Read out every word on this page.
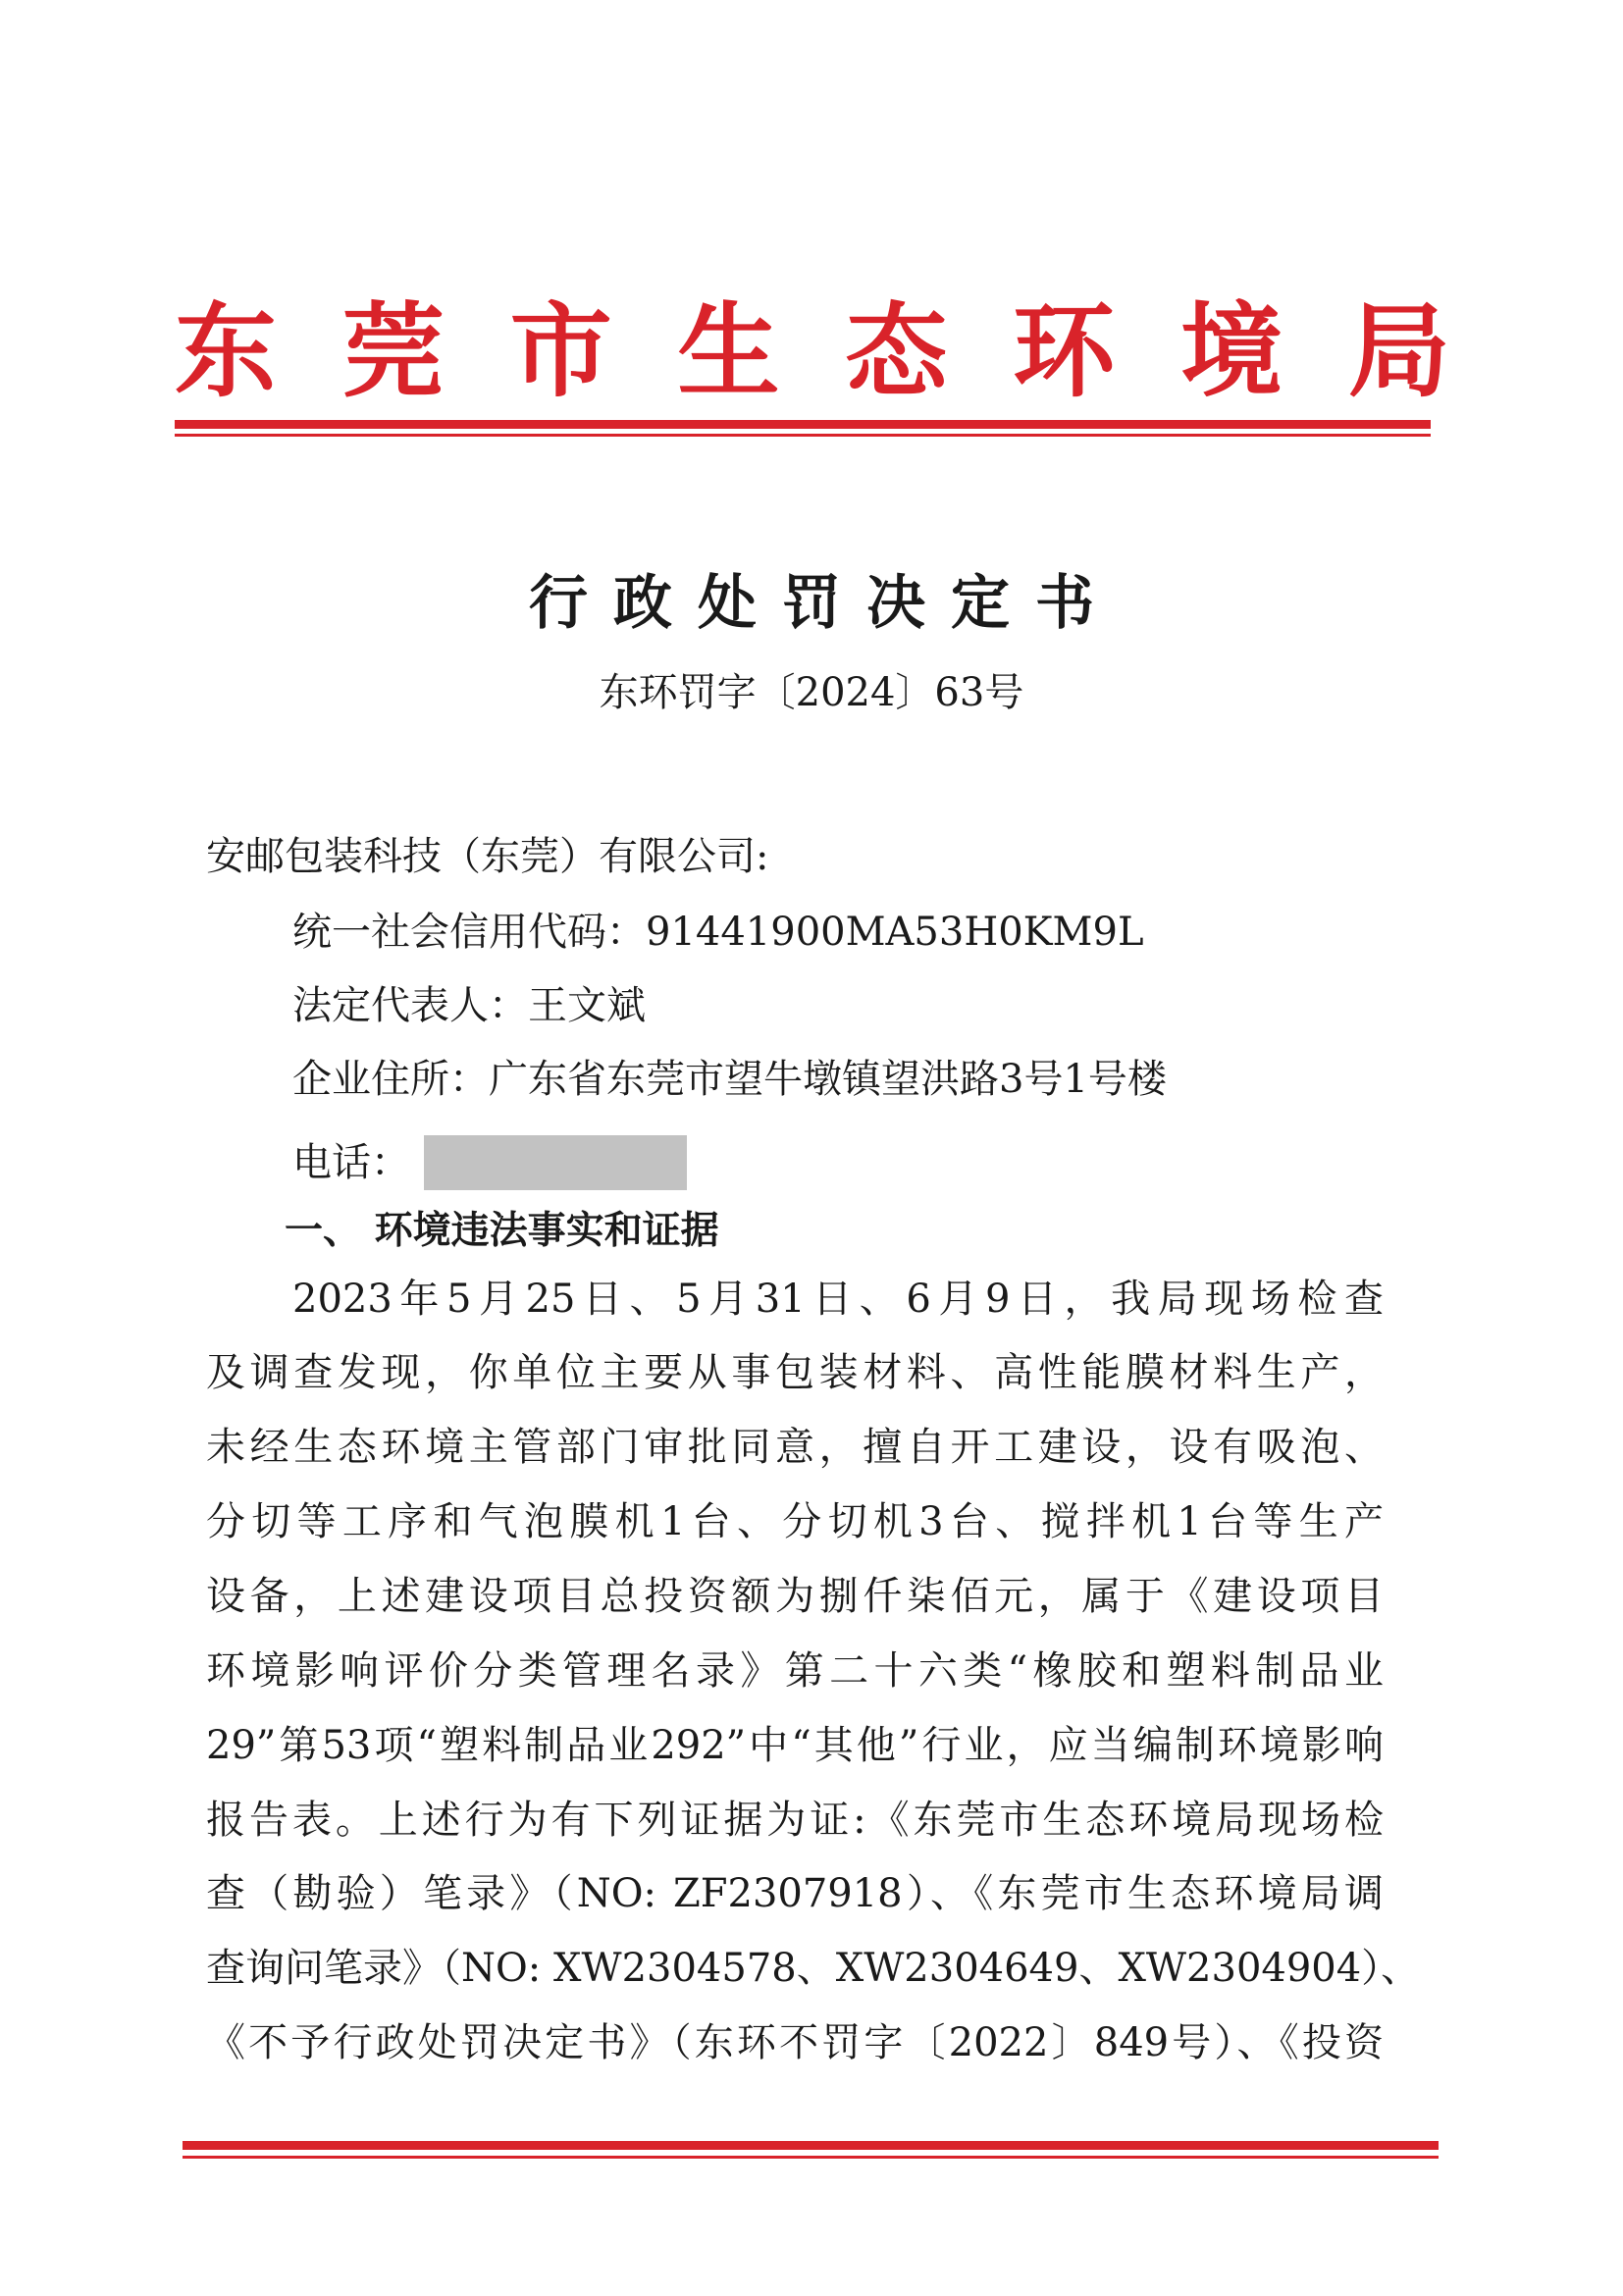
东 莞 市 生 态 环 境 局
行政处罚决定书
东环罚字〔2024〕63号
安邮包装科技（东莞）有限公司:
统一社会信用代码：91441900MA53H0KM9L
法定代表人：王文斌
企业住所：广东省东莞市望牛墩镇望洪路3号1号楼
电话：
一、 环境违法事实和证据
2023年5月25日、5月31日、6月9日，我局现场检查
及调查发现，你单位主要从事包装材料、高性能膜材料生产，
未经生态环境主管部门审批同意，擅自开工建设，设有吸泡、
分切等工序和气泡膜机1台、分切机3台、搅拌机1台等生产
设备，上述建设项目总投资额为捌仟柒佰元，属于《建设项目
环境影响评价分类管理名录》第二十六类“橡胶和塑料制品业
29”第53项“塑料制品业292”中“其他”行业，应当编制环境影响
报告表。上述行为有下列证据为证:《东莞市生态环境局现场检
查（勘验）笔录》（NO: ZF2307918）、《东莞市生态环境局调
查询问笔录》（NO: XW2304578、XW2304649、XW2304904）、
《不予行政处罚决定书》（东环不罚字〔2022〕849号）、《投资
